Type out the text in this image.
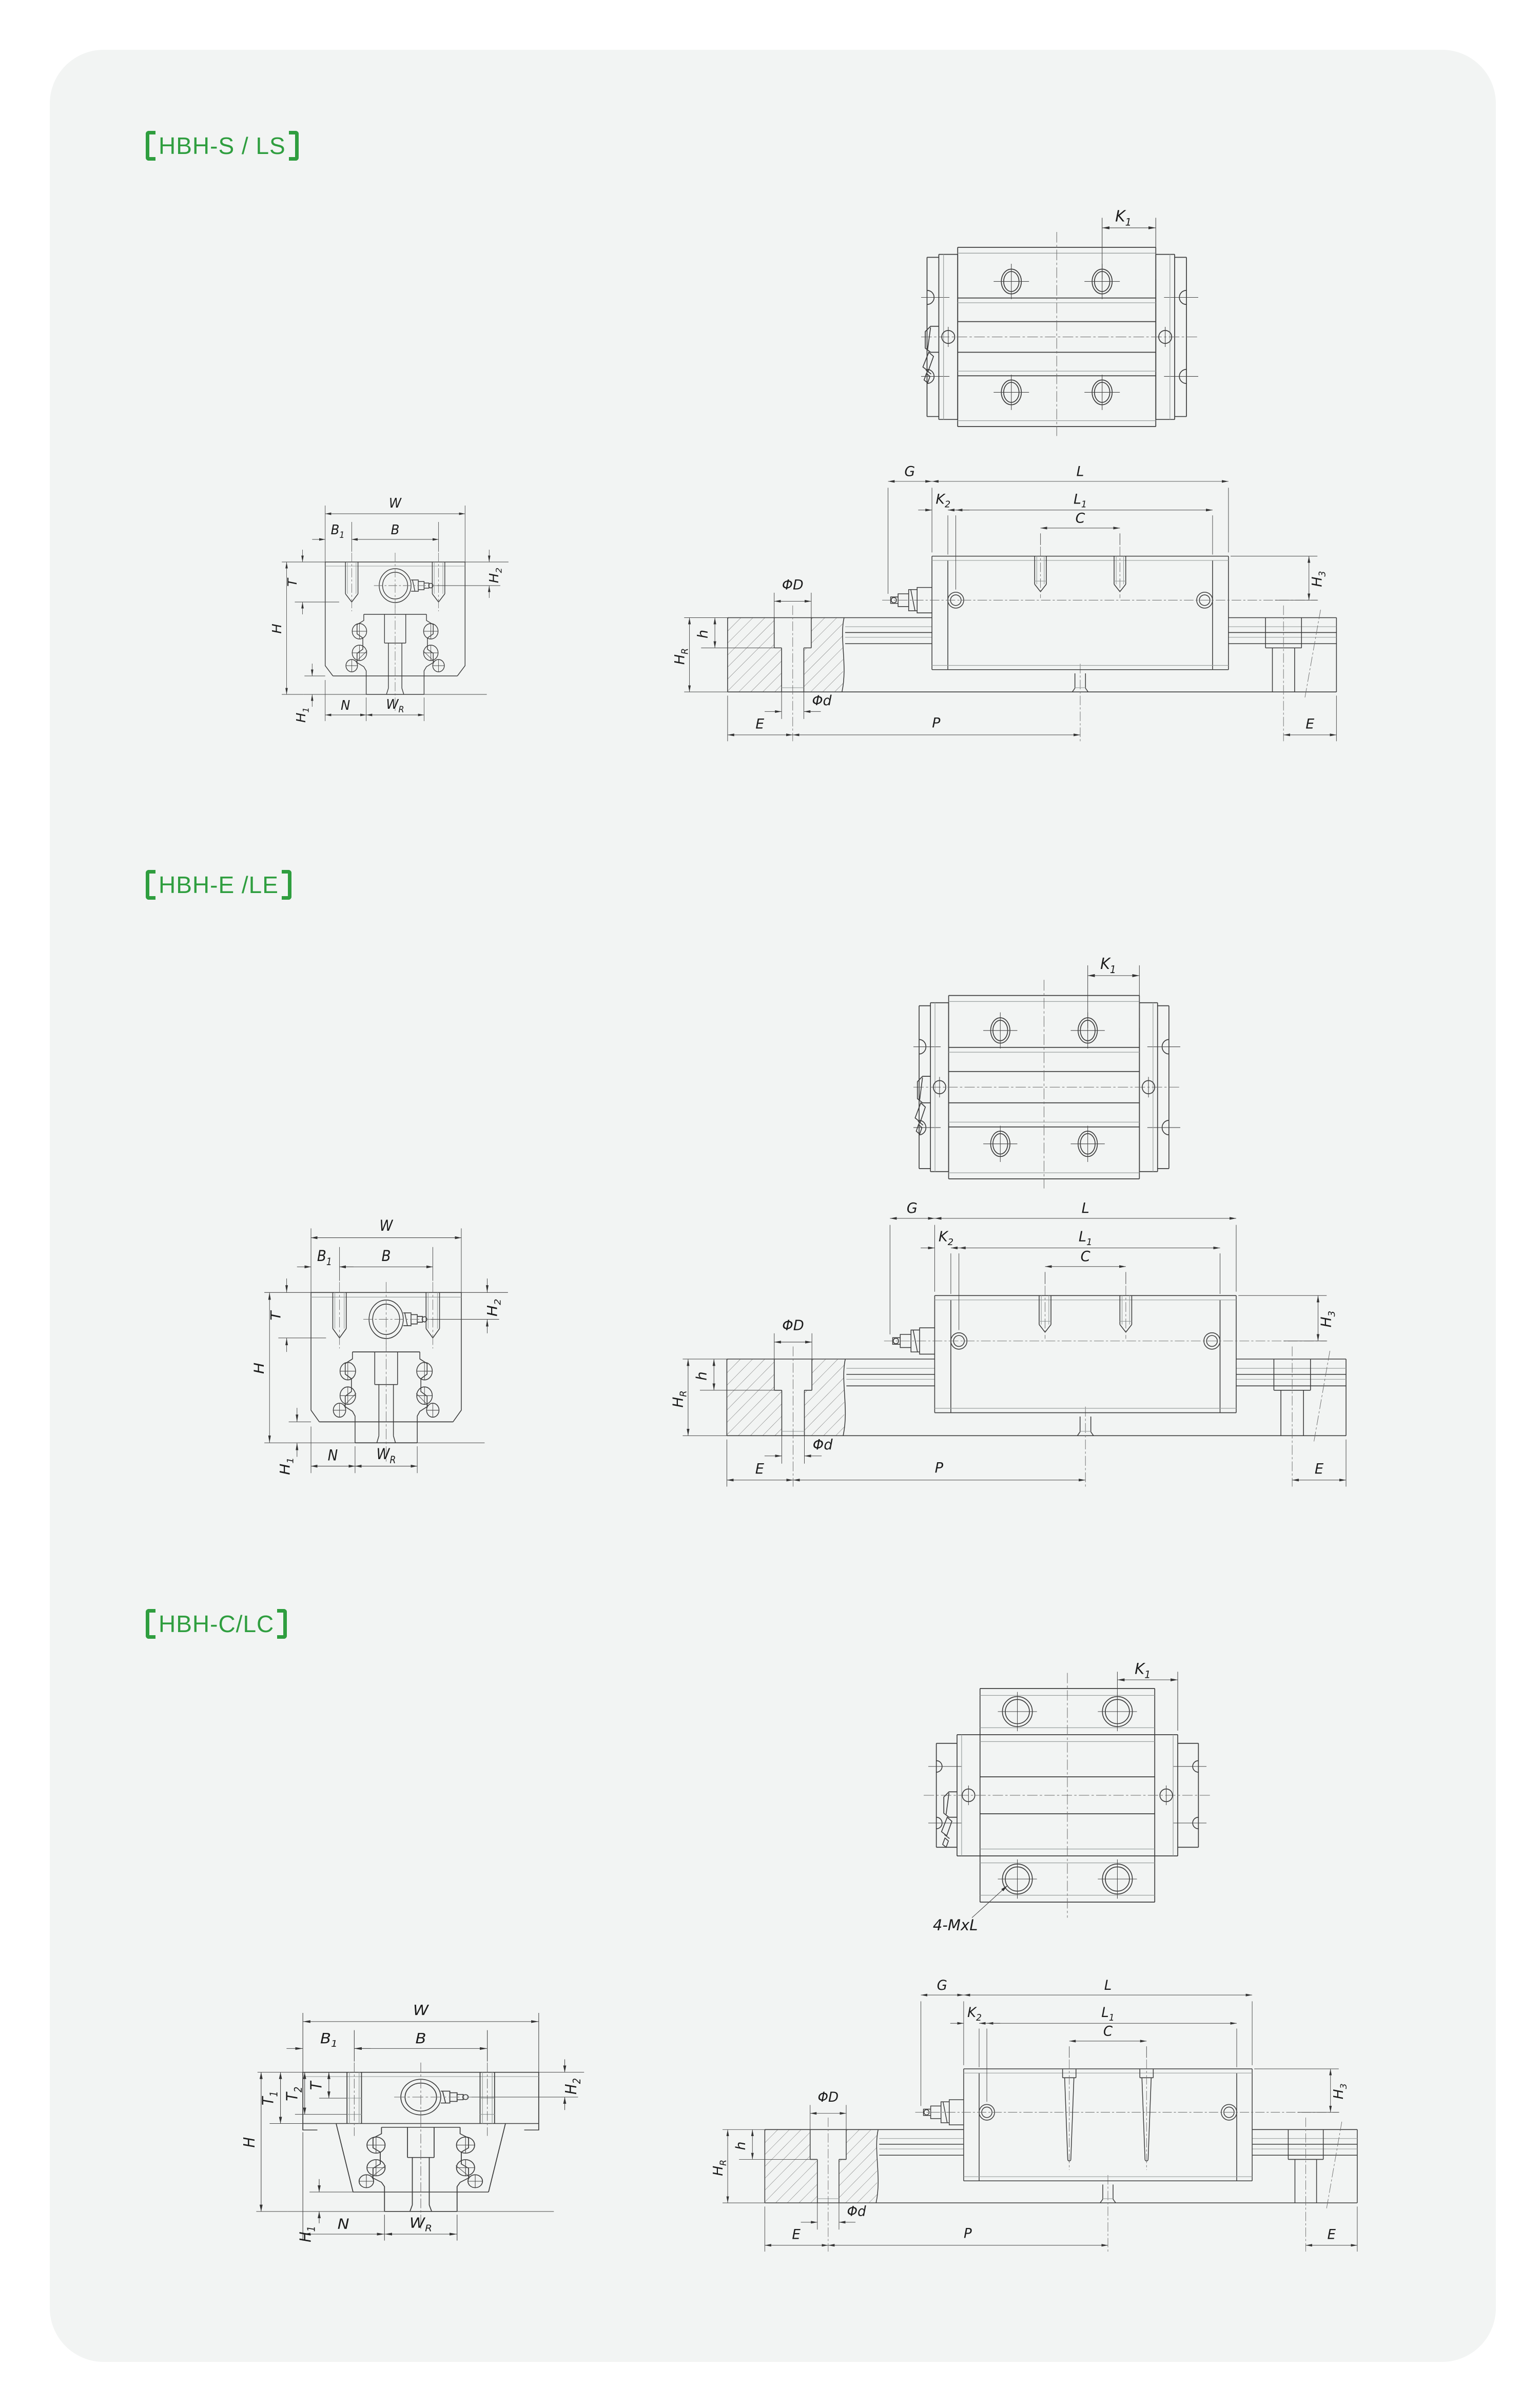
HBH-S / LS
$K_1$
W
$B_1$	B
T	$H_2$
H
$H_1$ N	$W_R$
G	L
$K_2$	$L_1$
C
ΦD
h
$H_R$
$H_3$
Φd
E	P	E
HBH-E /LE
$K_1$
W
$B_1$	B
T	$H_2$
H
$H_1$ N	$W_R$
G	L
$K_2$	$L_1$
C
ΦD
h
$H_R$
$H_3$
Φd
E	P	E
HBH-C/LC
$K_1$
4-MxL
W
$B_1$	B
$T_1$ $T_2$ T	$H_2$
H
$H_1$ N	$W_R$
G	L
$K_2$	$L_1$
C
ΦD
h
$H_R$
$H_3$
Φd
E	P	E
